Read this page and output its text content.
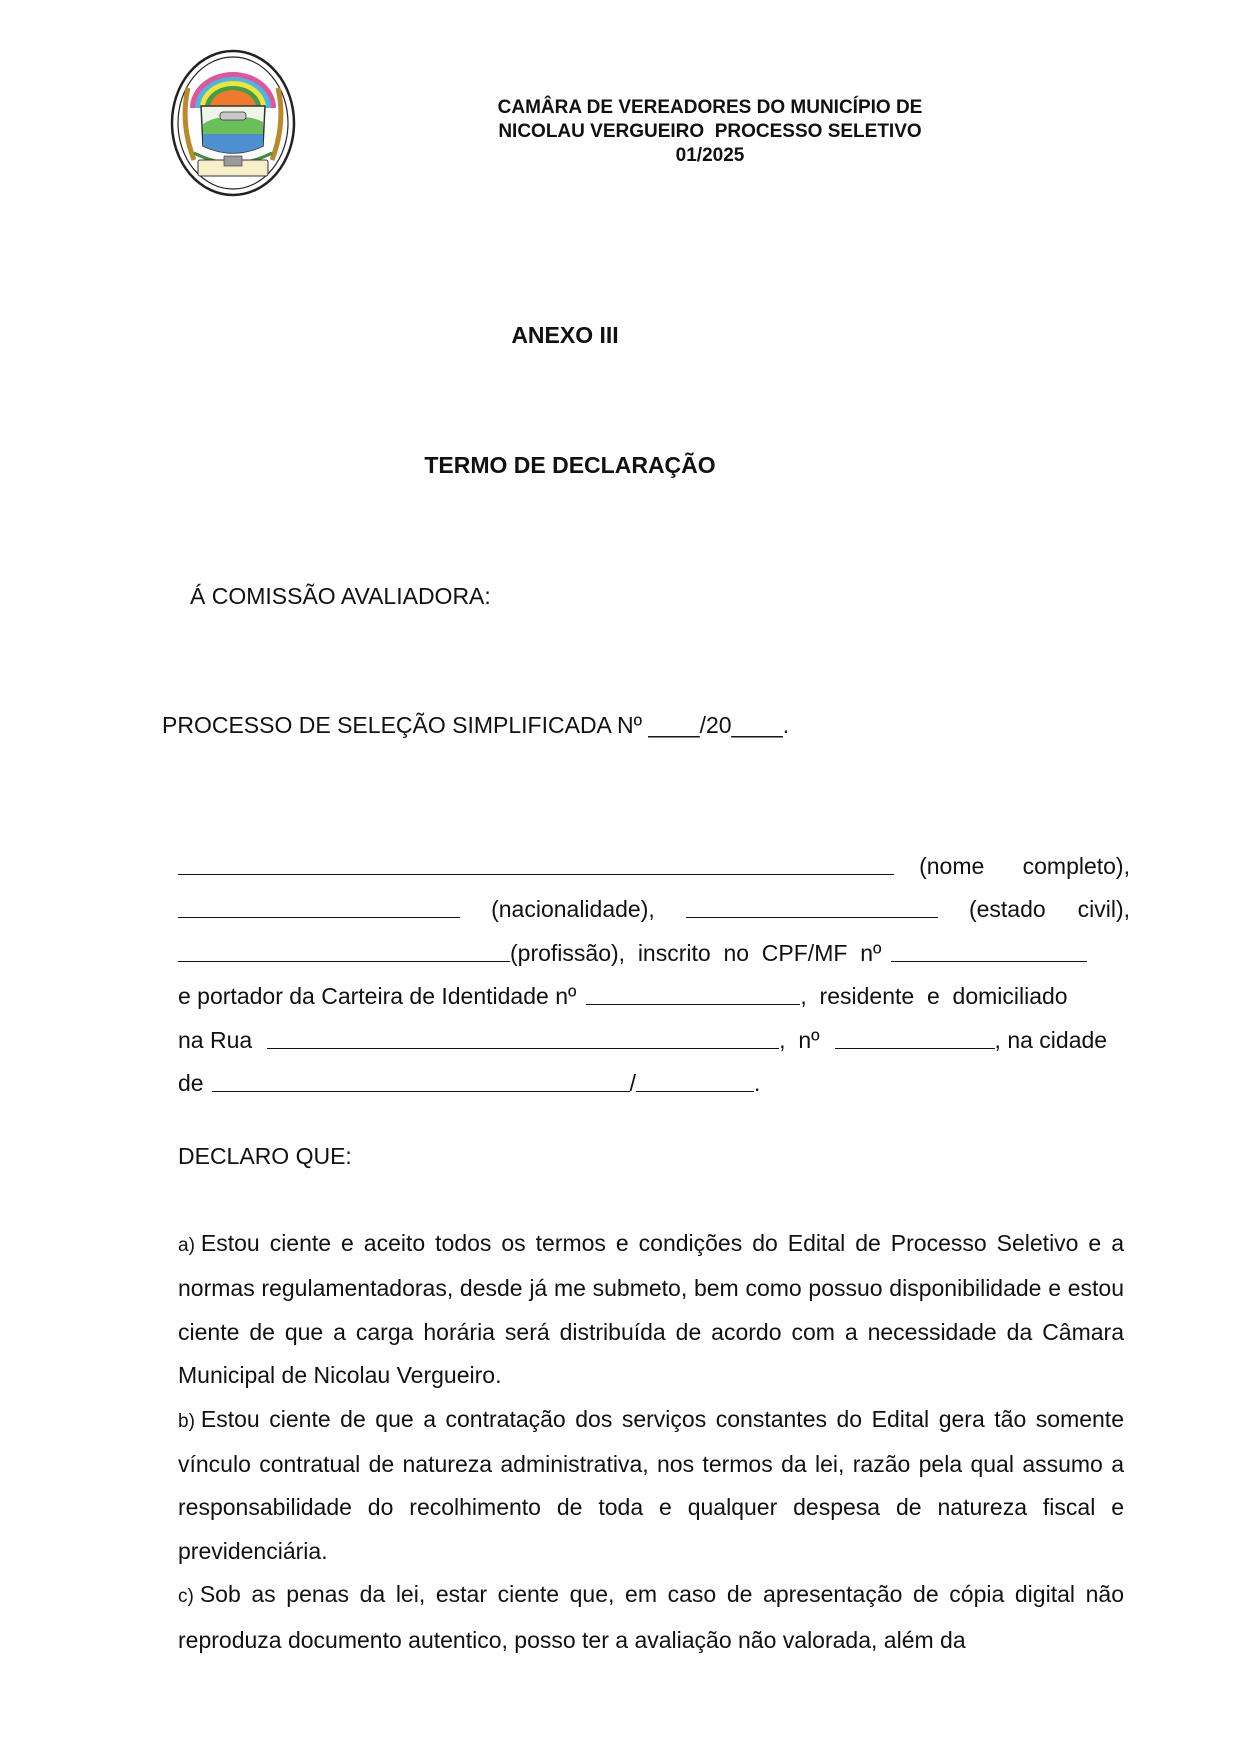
CAMÂRA DE VEREADORES DO MUNICÍPIO DE
NICOLAU VERGUEIRO  PROCESSO SELETIVO
01/2025
ANEXO III
TERMO DE DECLARAÇÃO
Á COMISSÃO AVALIADORA:
PROCESSO DE SELEÇÃO SIMPLIFICADA Nº ____/20____.
(nome      completo),
(nacionalidade),	(estado     civil),
(profissão),  inscrito  no  CPF/MF  nº
e portador da Carteira de Identidade nº	,  residente  e  domiciliado
na Rua	,  nº	, na cidade
de	/	.
DECLARO QUE:
a) Estou ciente e aceito todos os termos e condições do Edital de Processo Seletivo e a normas regulamentadoras, desde já me submeto, bem como possuo disponibilidade e estou ciente de que a carga horária será distribuída de acordo com a necessidade da Câmara Municipal de Nicolau Vergueiro.
b) Estou ciente de que a contratação dos serviços constantes do Edital gera tão somente vínculo contratual de natureza administrativa, nos termos da lei, razão pela qual assumo a responsabilidade do recolhimento de toda e qualquer despesa de natureza fiscal e previdenciária.
c) Sob as penas da lei, estar ciente que, em caso de apresentação de cópia digital não reproduza documento autentico, posso ter a avaliação não valorada, além da
